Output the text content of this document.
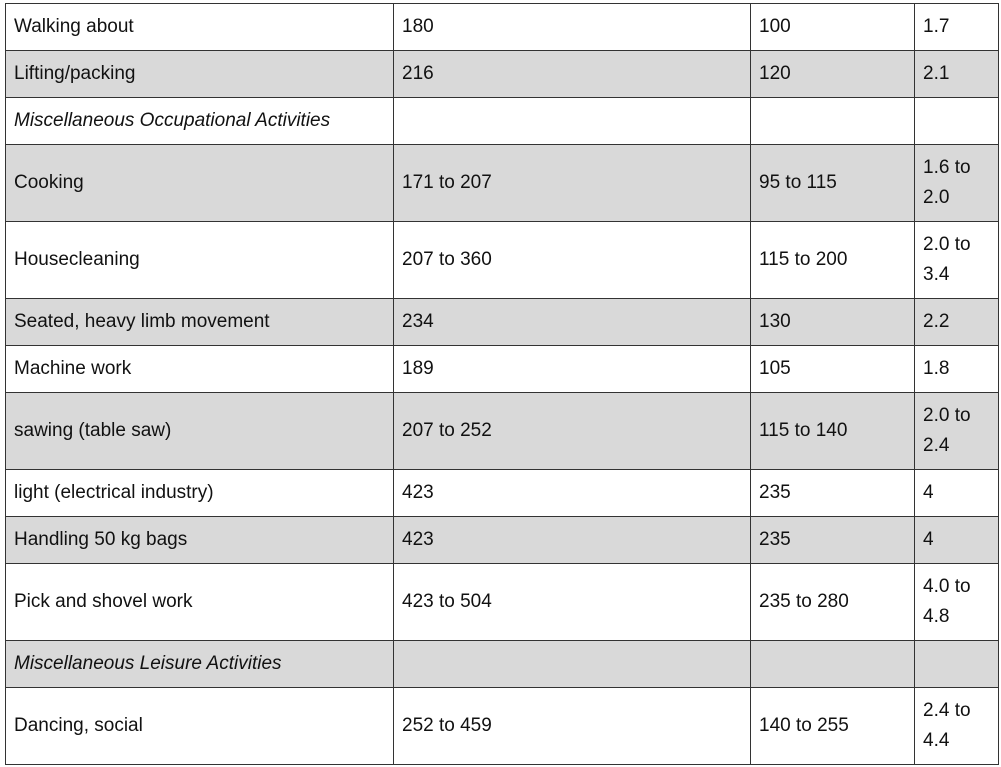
Walking about	180	100	1.7
Lifting/packing	216	120	2.1
Miscellaneous Occupational Activities			
Cooking	171 to 207	95 to 115	1.6 to 2.0
Housecleaning	207 to 360	115 to 200	2.0 to 3.4
Seated, heavy limb movement	234	130	2.2
Machine work	189	105	1.8
sawing (table saw)	207 to 252	115 to 140	2.0 to 2.4
light (electrical industry)	423	235	4
Handling 50 kg bags	423	235	4
Pick and shovel work	423 to 504	235 to 280	4.0 to 4.8
Miscellaneous Leisure Activities			
Dancing, social	252 to 459	140 to 255	2.4 to 4.4
